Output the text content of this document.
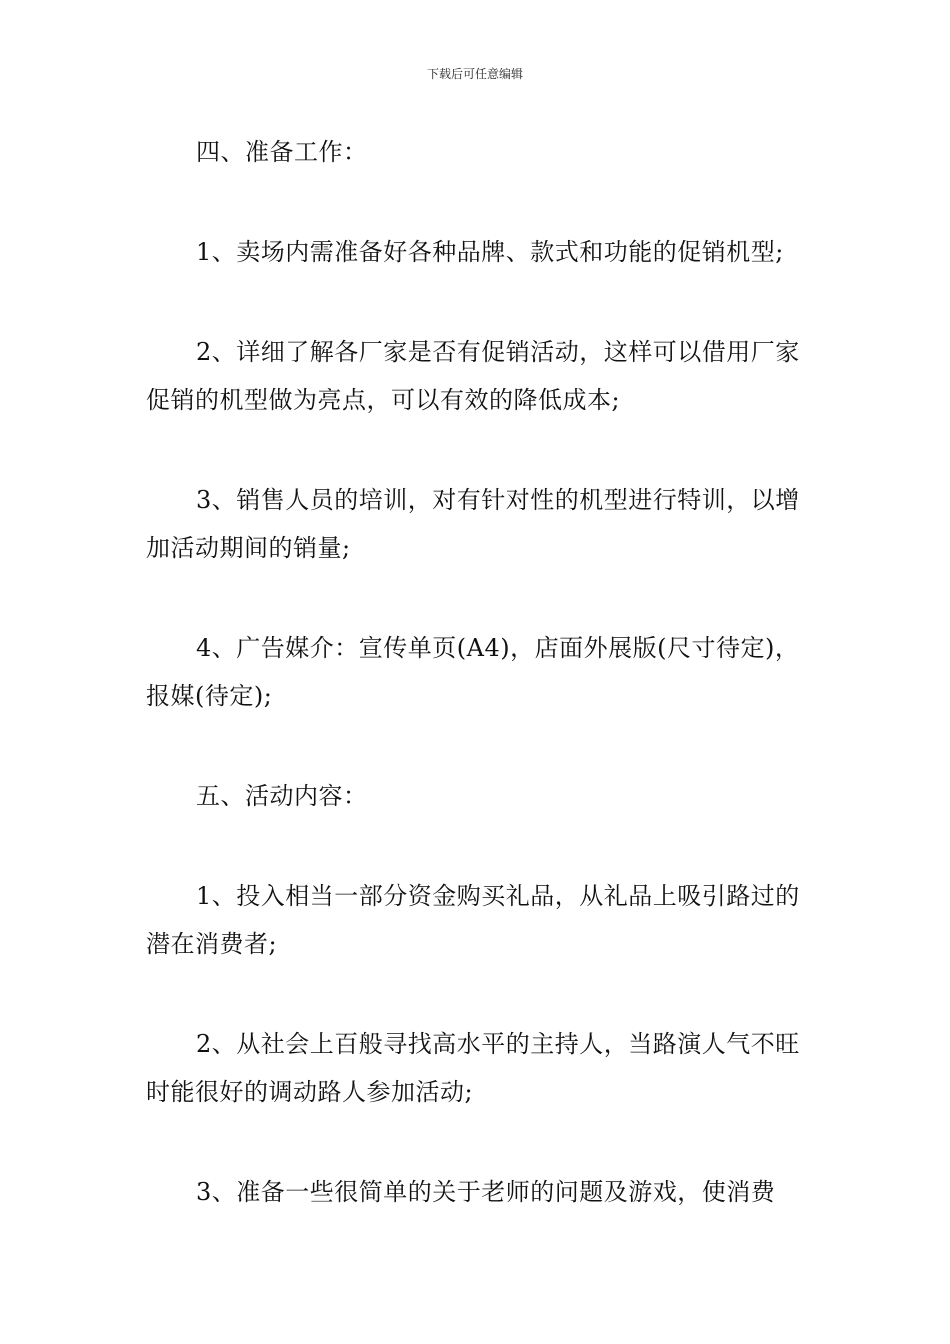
下载后可任意编辑

四、准备工作：

1、卖场内需准备好各种品牌、款式和功能的促销机型;

2、详细了解各厂家是否有促销活动，这样可以借用厂家促销的机型做为亮点，可以有效的降低成本;

3、销售人员的培训，对有针对性的机型进行特训，以增加活动期间的销量;

4、广告媒介：宣传单页(A4)，店面外展版(尺寸待定)，报媒(待定);

五、活动内容：

1、投入相当一部分资金购买礼品，从礼品上吸引路过的潜在消费者;

2、从社会上百般寻找高水平的主持人，当路演人气不旺时能很好的调动路人参加活动;

3、准备一些很简单的关于老师的问题及游戏，使消费
